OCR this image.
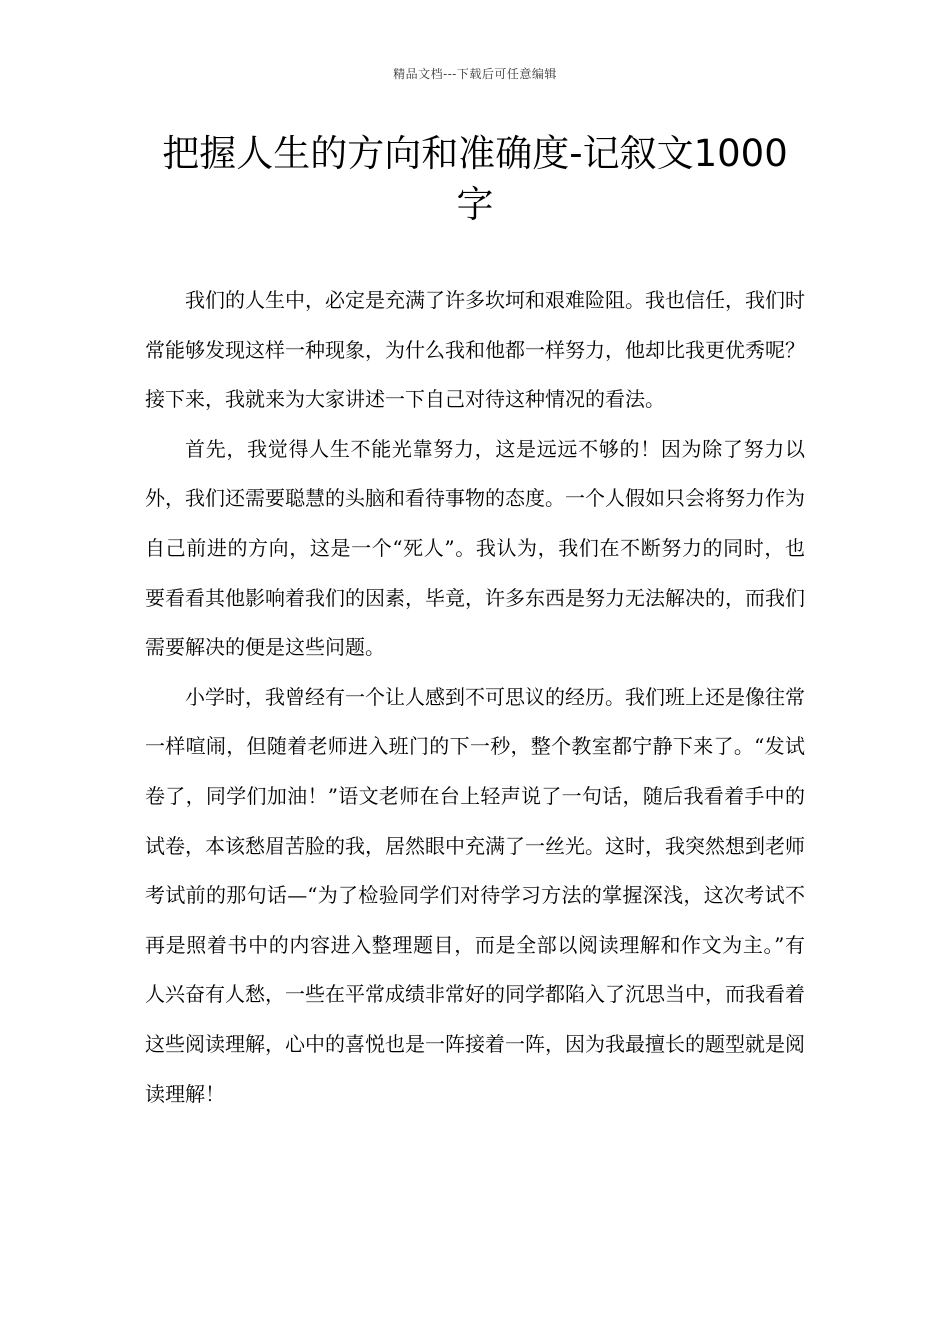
精品文档---下载后可任意编辑
把握人生的方向和准确度-记叙文1000字

我们的人生中，必定是充满了许多坎坷和艰难险阻。我也信任，我们时常能够发现这样一种现象，为什么我和他都一样努力，他却比我更优秀呢？接下来，我就来为大家讲述一下自己对待这种情况的看法。

首先，我觉得人生不能光靠努力，这是远远不够的！因为除了努力以外，我们还需要聪慧的头脑和看待事物的态度。一个人假如只会将努力作为自己前进的方向，这是一个“死人”。我认为，我们在不断努力的同时，也要看看其他影响着我们的因素，毕竟，许多东西是努力无法解决的，而我们需要解决的便是这些问题。

小学时，我曾经有一个让人感到不可思议的经历。我们班上还是像往常一样喧闹，但随着老师进入班门的下一秒，整个教室都宁静下来了。“发试卷了，同学们加油！”语文老师在台上轻声说了一句话，随后我看着手中的试卷，本该愁眉苦脸的我，居然眼中充满了一丝光。这时，我突然想到老师考试前的那句话—“为了检验同学们对待学习方法的掌握深浅，这次考试不再是照着书中的内容进入整理题目，而是全部以阅读理解和作文为主。”有人兴奋有人愁，一些在平常成绩非常好的同学都陷入了沉思当中，而我看着这些阅读理解，心中的喜悦也是一阵接着一阵，因为我最擅长的题型就是阅读理解！
